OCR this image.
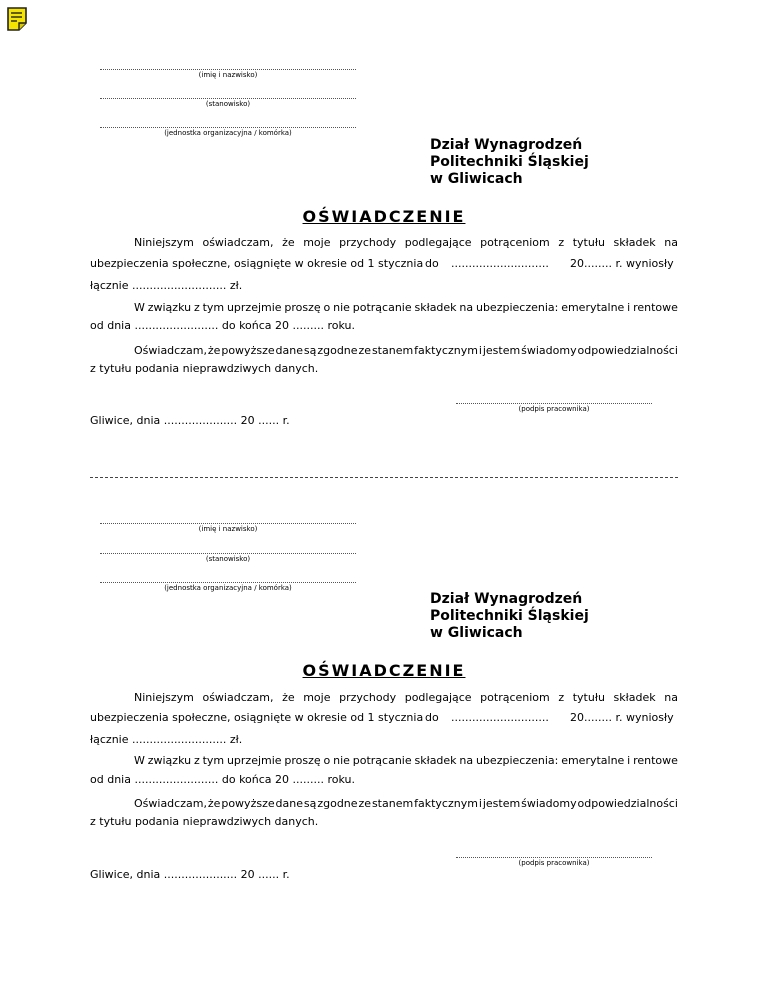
(imię i nazwisko)
(stanowisko)
(jednostka organizacyjna / komórka)
Dział Wynagrodzeń
Politechniki Śląskiej
w Gliwicach
OŚWIADCZENIE
Niniejszym oświadczam, że moje przychody podlegające potrąceniom z tytułu składek na
ubezpieczenia społeczne, osiągnięte w okresie od 1 stycznia do ............................ 20........ r. wyniosły
łącznie ........................... zł.
W związku z tym uprzejmie proszę o nie potrącanie składek na ubezpieczenia: emerytalne i rentowe
od dnia ........................ do końca 20 ......... roku.
Oświadczam, że powyższe dane są zgodne ze stanem faktycznym i jestem świadomy odpowiedzialności
z tytułu podania nieprawdziwych danych.
(podpis pracownika)
Gliwice, dnia ..................... 20 ...... r.
(imię i nazwisko)
(stanowisko)
(jednostka organizacyjna / komórka)
Dział Wynagrodzeń
Politechniki Śląskiej
w Gliwicach
OŚWIADCZENIE
Niniejszym oświadczam, że moje przychody podlegające potrąceniom z tytułu składek na
ubezpieczenia społeczne, osiągnięte w okresie od 1 stycznia do ............................ 20........ r. wyniosły
łącznie ........................... zł.
W związku z tym uprzejmie proszę o nie potrącanie składek na ubezpieczenia: emerytalne i rentowe
od dnia ........................ do końca 20 ......... roku.
Oświadczam, że powyższe dane są zgodne ze stanem faktycznym i jestem świadomy odpowiedzialności
z tytułu podania nieprawdziwych danych.
(podpis pracownika)
Gliwice, dnia ..................... 20 ...... r.
